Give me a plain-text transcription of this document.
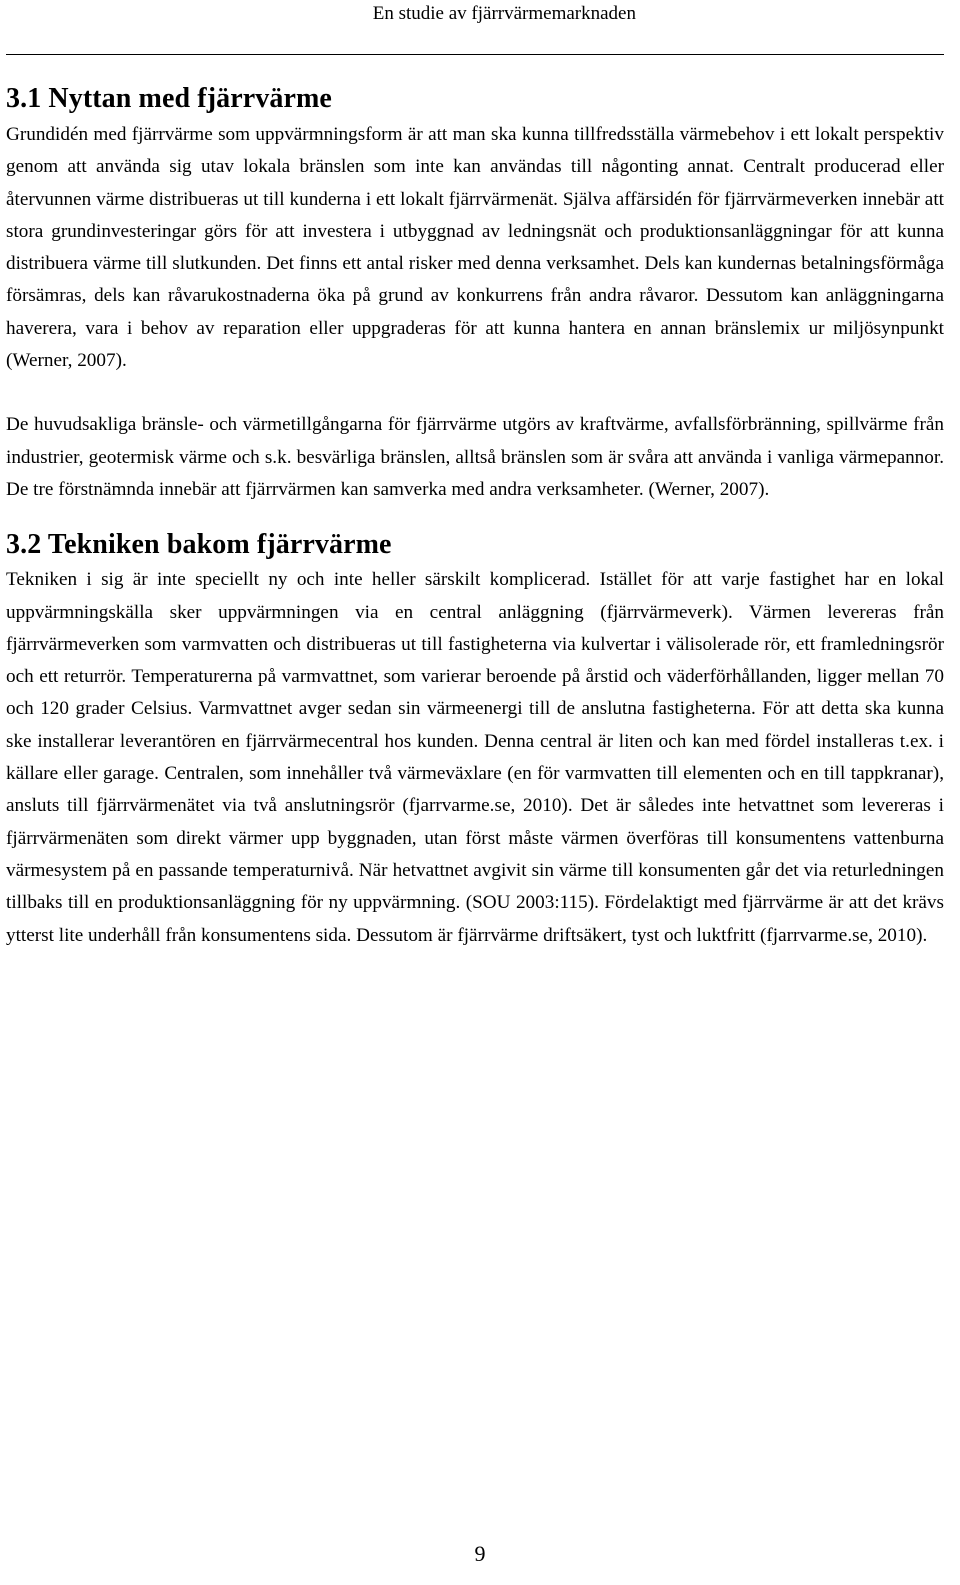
En studie av fjärrvärmemarknaden
3.1 Nyttan med fjärrvärme

Grundidén med fjärrvärme som uppvärmningsform är att man ska kunna tillfredsställa värmebehov i ett lokalt perspektiv genom att använda sig utav lokala bränslen som inte kan användas till någonting annat. Centralt producerad eller återvunnen värme distribueras ut till kunderna i ett lokalt fjärrvärmenät. Själva affärsidén för fjärrvärmeverken innebär att stora grundinvesteringar görs för att investera i utbyggnad av ledningsnät och produktionsanläggningar för att kunna distribuera värme till slutkunden. Det finns ett antal risker med denna verksamhet. Dels kan kundernas betalningsförmåga försämras, dels kan råvarukostnaderna öka på grund av konkurrens från andra råvaror. Dessutom kan anläggningarna haverera, vara i behov av reparation eller uppgraderas för att kunna hantera en annan bränslemix ur miljösynpunkt (Werner, 2007).

De huvudsakliga bränsle- och värmetillgångarna för fjärrvärme utgörs av kraftvärme, avfallsförbränning, spillvärme från industrier, geotermisk värme och s.k. besvärliga bränslen, alltså bränslen som är svåra att använda i vanliga värmepannor. De tre förstnämnda innebär att fjärrvärmen kan samverka med andra verksamheter. (Werner, 2007).

3.2 Tekniken bakom fjärrvärme

Tekniken i sig är inte speciellt ny och inte heller särskilt komplicerad. Istället för att varje fastighet har en lokal uppvärmningskälla sker uppvärmningen via en central anläggning (fjärrvärmeverk). Värmen levereras från fjärrvärmeverken som varmvatten och distribueras ut till fastigheterna via kulvertar i välisolerade rör, ett framledningsrör och ett returrör. Temperaturerna på varmvattnet, som varierar beroende på årstid och väderförhållanden, ligger mellan 70 och 120 grader Celsius. Varmvattnet avger sedan sin värmeenergi till de anslutna fastigheterna. För att detta ska kunna ske installerar leverantören en fjärrvärmecentral hos kunden. Denna central är liten och kan med fördel installeras t.ex. i källare eller garage. Centralen, som innehåller två värmeväxlare (en för varmvatten till elementen och en till tappkranar), ansluts till fjärrvärmenätet via två anslutningsrör (fjarrvarme.se, 2010). Det är således inte hetvattnet som levereras i fjärrvärmenäten som direkt värmer upp byggnaden, utan först måste värmen överföras till konsumentens vattenburna värmesystem på en passande temperaturnivå. När hetvattnet avgivit sin värme till konsumenten går det via returledningen tillbaks till en produktionsanläggning för ny uppvärmning. (SOU 2003:115). Fördelaktigt med fjärrvärme är att det krävs ytterst lite underhåll från konsumentens sida. Dessutom är fjärrvärme driftsäkert, tyst och luktfritt (fjarrvarme.se, 2010).

9
